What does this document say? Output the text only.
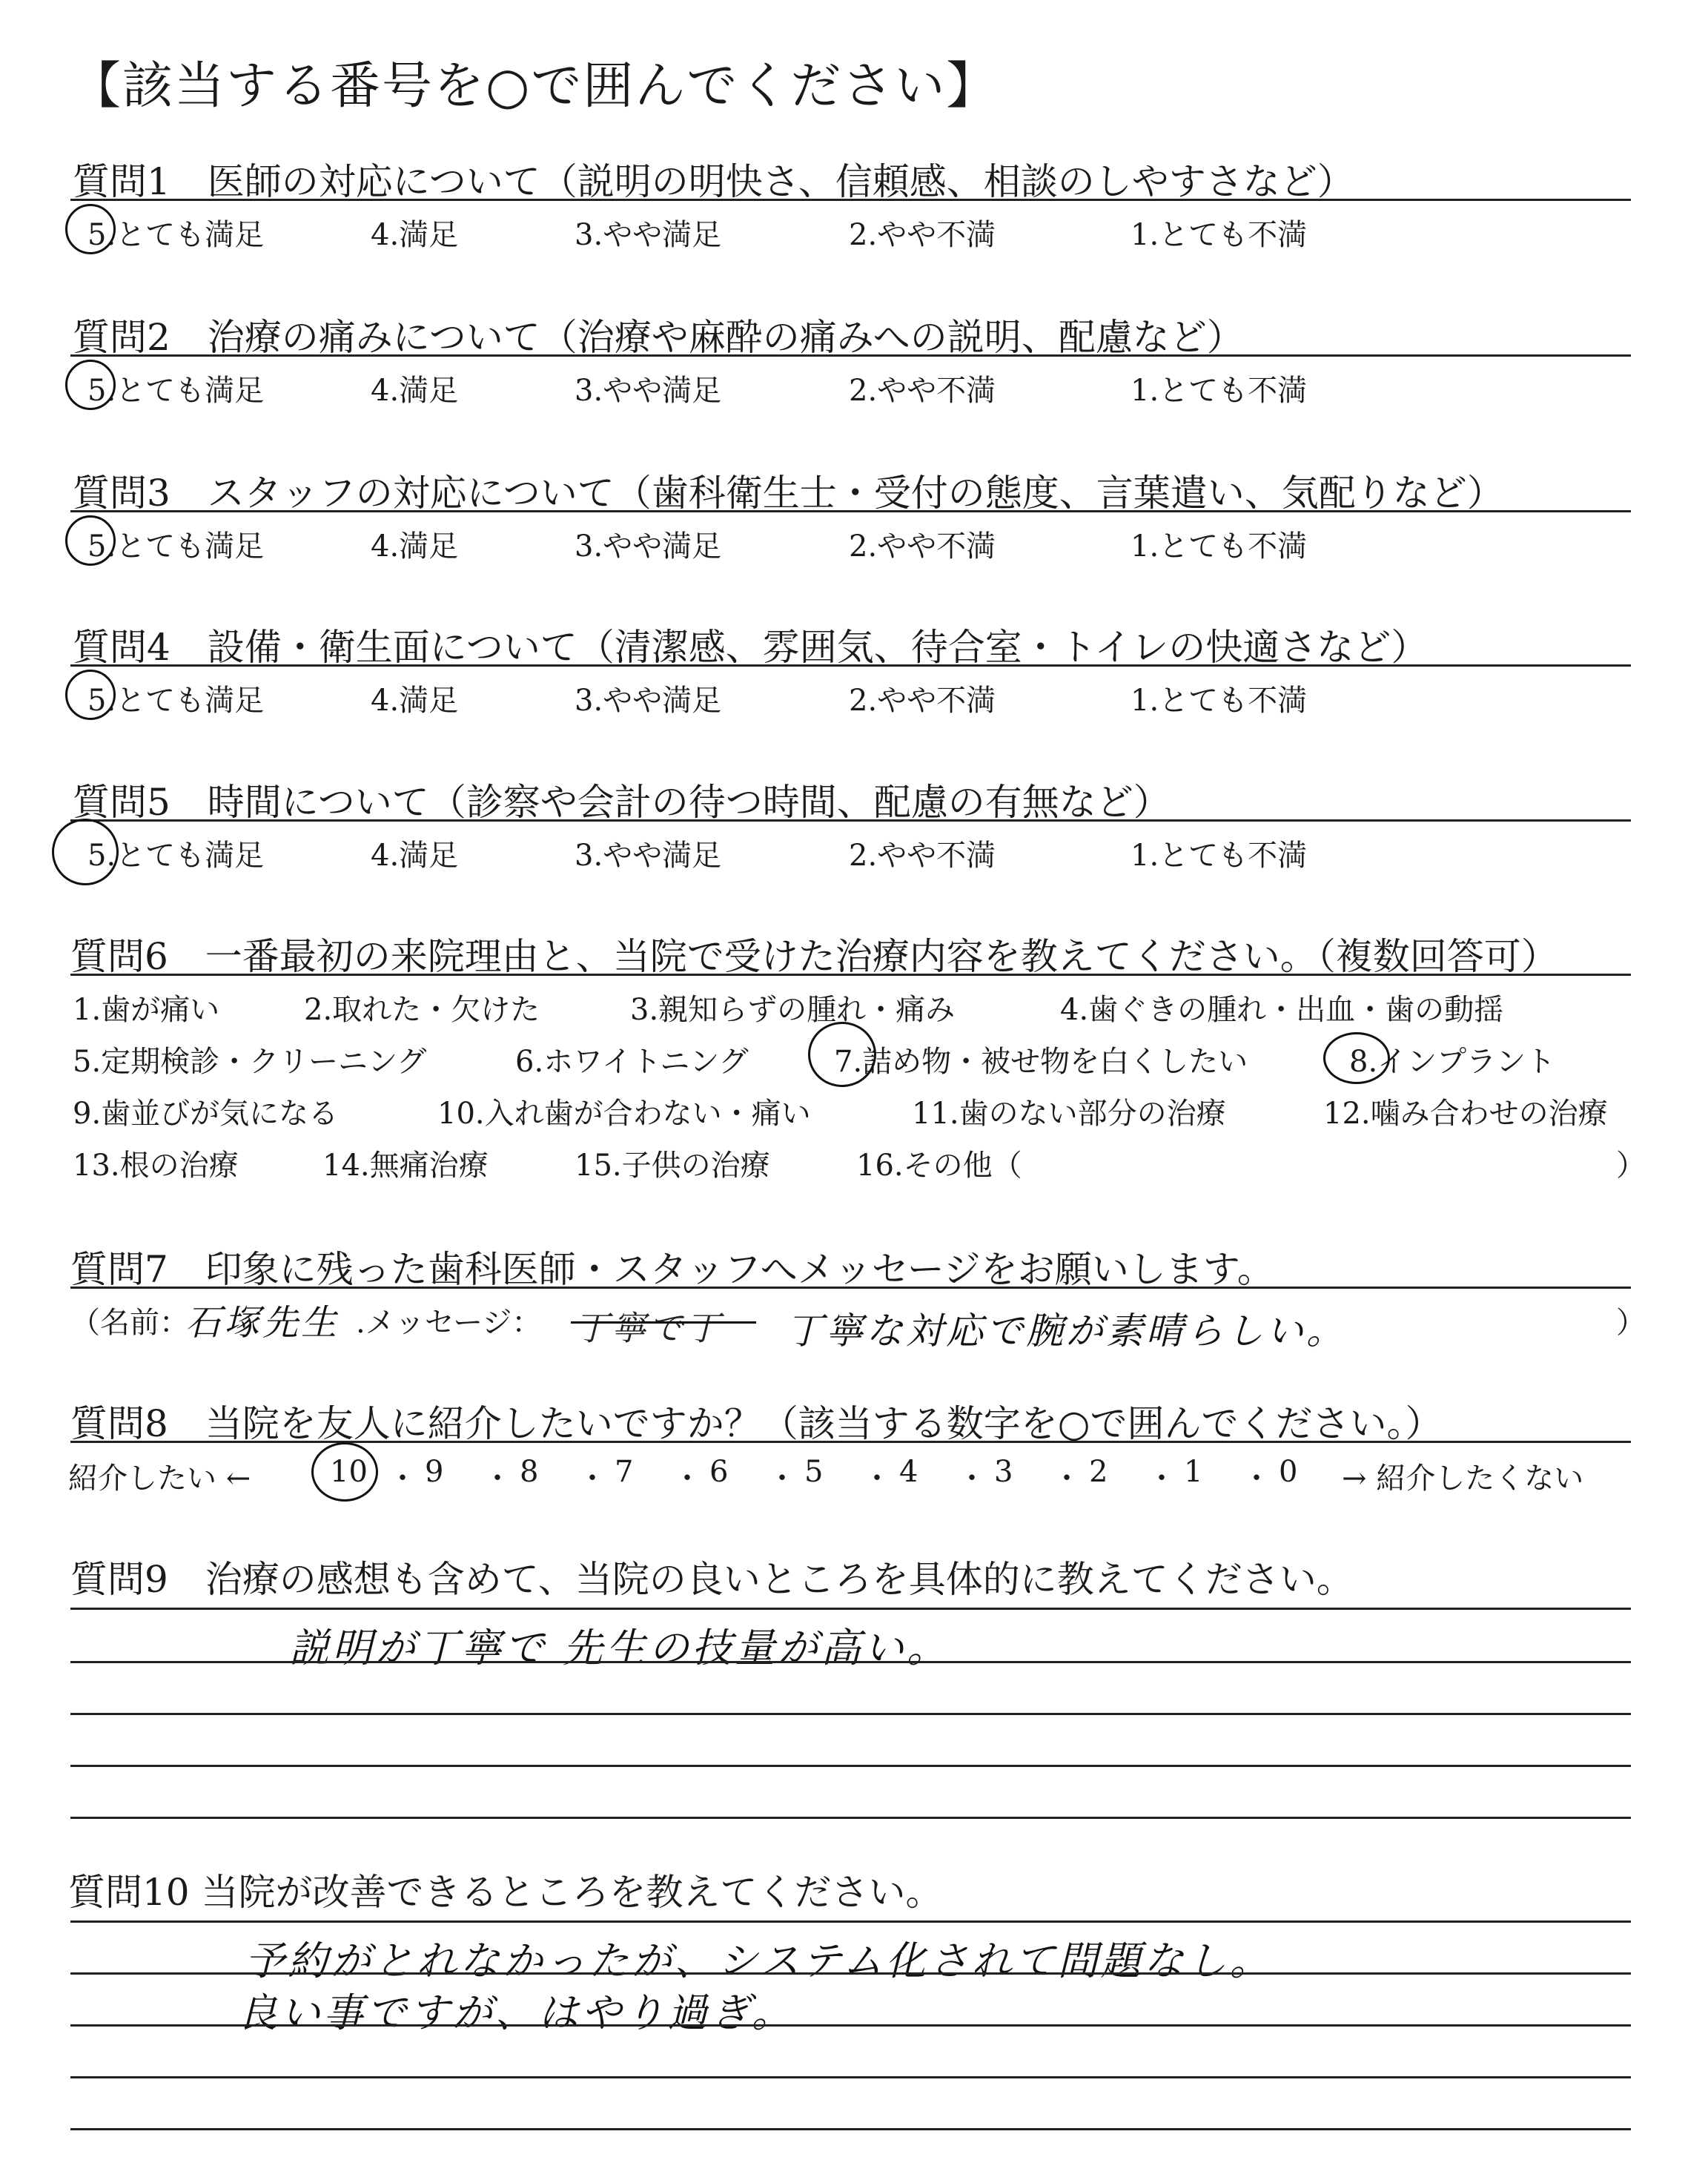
【該当する番号を○で囲んでください】
質問1　医師の対応について（説明の明快さ、信頼感、相談のしやすさなど）
5.とても満足	4.満足	3.やや満足	2.やや不満	1.とても不満
質問2　治療の痛みについて（治療や麻酔の痛みへの説明、配慮など）
5.とても満足	4.満足	3.やや満足	2.やや不満	1.とても不満
質問3　スタッフの対応について（歯科衛生士・受付の態度、言葉遣い、気配りなど）
5.とても満足	4.満足	3.やや満足	2.やや不満	1.とても不満
質問4　設備・衛生面について（清潔感、雰囲気、待合室・トイレの快適さなど）
5.とても満足	4.満足	3.やや満足	2.やや不満	1.とても不満
質問5　時間について（診察や会計の待つ時間、配慮の有無など）
5.とても満足	4.満足	3.やや満足	2.やや不満	1.とても不満
質問6　一番最初の来院理由と、当院で受けた治療内容を教えてください。（複数回答可）
1.歯が痛い	2.取れた・欠けた	3.親知らずの腫れ・痛み	4.歯ぐきの腫れ・出血・歯の動揺
5.定期検診・クリーニング	6.ホワイトニング	7.詰め物・被せ物を白くしたい	8.インプラント
9.歯並びが気になる	10.入れ歯が合わない・痛い	11.歯のない部分の治療	12.噛み合わせの治療
13.根の治療	14.無痛治療	15.子供の治療	16.その他（	）
質問7　印象に残った歯科医師・スタッフへメッセージをお願いします。
（名前：
石塚先生 .メッセージ： 丁寧で丁 丁寧な対応で腕が素晴らしい。	）
質問8　当院を友人に紹介したいですか？（該当する数字を○で囲んでください。）
紹介したい ←	10 ・ 9 ・ 8 ・ 7 ・ 6 ・ 5 ・ 4 ・ 3 ・ 2 ・ 1 ・ 0 → 紹介したくない
質問9　治療の感想も含めて、当院の良いところを具体的に教えてください。
説明が丁寧で 先生の技量が高い。
質問10 当院が改善できるところを教えてください。
予約がとれなかったが、システム化されて問題なし。
良い事ですが、はやり過ぎ。
